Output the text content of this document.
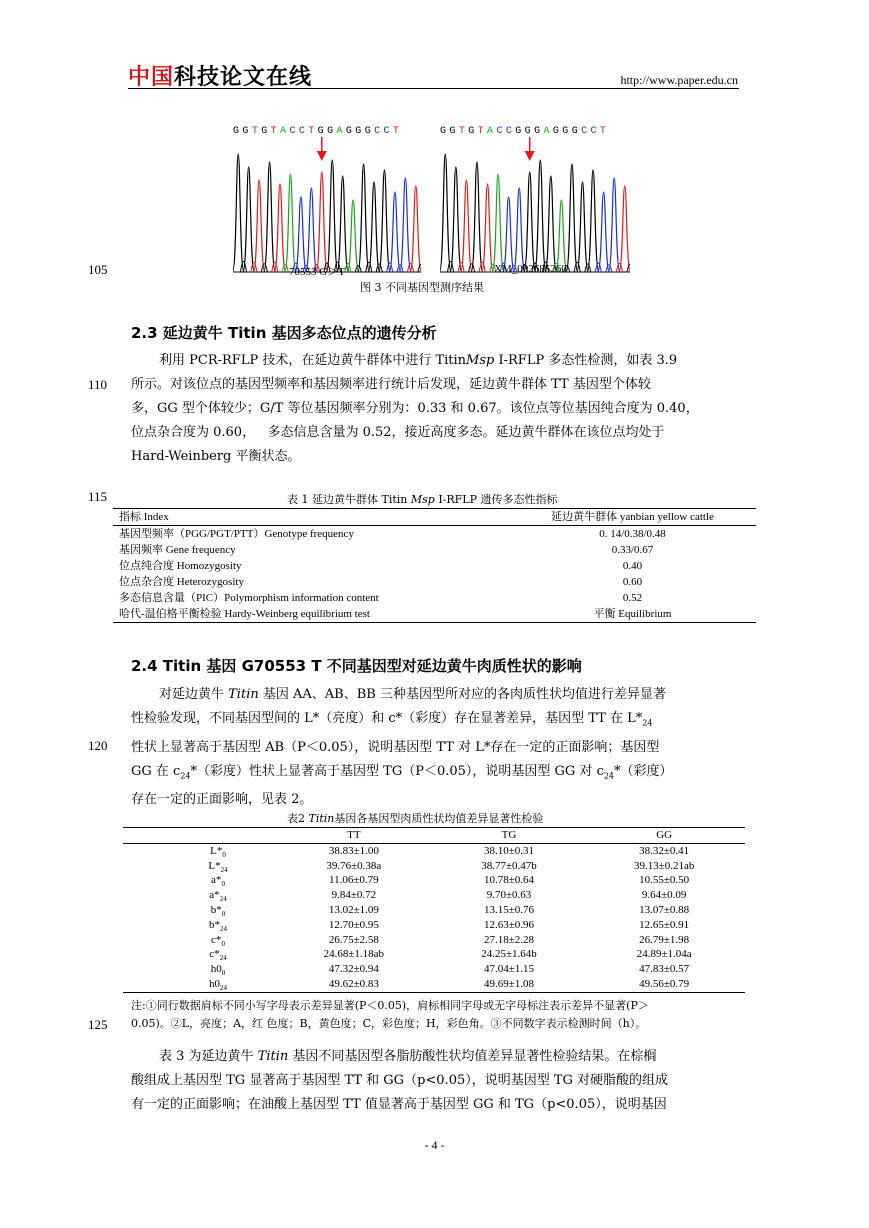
中国科技论文在线	http://www.paper.edu.cn
GGTGTACCTGGAGGGCCT	GGTGTACCGGGAGGGCCT
70553 G＞T	XM_002685260
图 3 不同基因型测序结果
105
110
115
120
125
2.3 延边黄牛 Titin 基因多态位点的遗传分析

利用 PCR-RFLP 技术，在延边黄牛群体中进行 TitinMsp I-RFLP 多态性检测，如表 3.9

所示。对该位点的基因型频率和基因频率进行统计后发现，延边黄牛群体 TT 基因型个体较

多，GG 型个体较少；G/T 等位基因频率分别为：0.33 和 0.67。该位点等位基因纯合度为 0.40，

位点杂合度为 0.60，   多态信息含量为 0.52，接近高度多态。延边黄牛群体在该位点均处于

Hard-Weinberg 平衡状态。

表 1 延边黄牛群体 Titin Msp I-RFLP 遗传多态性指标
指标 Index	延边黄牛群体 yanbian yellow cattle
基因型频率（PGG/PGT/PTT）Genotype frequency	0. 14/0.38/0.48
基因频率 Gene frequency	0.33/0.67
位点纯合度 Homozygosity	0.40
位点杂合度 Heterozygosity	0.60
多态信息含量（PIC）Polymorphism information content	0.52
哈代-温伯格平衡检验 Hardy-Weinberg equilibrium test	平衡 Equilibrium
2.4 Titin 基因 G70553 T 不同基因型对延边黄牛肉质性状的影响

对延边黄牛 Titin 基因 AA、AB、BB 三种基因型所对应的各肉质性状均值进行差异显著

性检验发现，不同基因型间的 L*（亮度）和 c*（彩度）存在显著差异，基因型 TT 在 $L*_{24}$

性状上显著高于基因型 AB（P＜0.05），说明基因型 TT 对 L*存在一定的正面影响；基因型

GG 在 $c_{24}*$（彩度）性状上显著高于基因型 TG（P＜0.05），说明基因型 GG 对 $c_{24}*$（彩度）

存在一定的正面影响，见表 2。

表2 Titin基因各基因型肉质性状均值差异显著性检验
	TT	TG	GG
$L*_0$	38.83±1.00	38.10±0.31	38.32±0.41
$L*_{24}$	39.76±0.38a	38.77±0.47b	39.13±0.21ab
$a*_0$	11.06±0.79	10.78±0.64	10.55±0.50
$a*_{24}$	9.84±0.72	9.70±0.63	9.64±0.09
$b*_0$	13.02±1.09	13.15±0.76	13.07±0.88
$b*_{24}$	12.70±0.95	12.63±0.96	12.65±0.91
$c*_0$	26.75±2.58	27.18±2.28	26.79±1.98
$c*_{24}$	24.68±1.18ab	24.25±1.64b	24.89±1.04a
$h0_0$	47.32±0.94	47.04±1.15	47.83±0.57
$h0_{24}$	49.62±0.83	49.69±1.08	49.56±0.79
注:①同行数据肩标不同小写字母表示差异显著(P＜0.05)，肩标相同字母或无字母标注表示差异不显著(P＞
0.05)。②L，亮度；A，红 色度；B，黄色度；C，彩色度；H，彩色角。③不同数字表示检测时间（h）。

表 3 为延边黄牛 Titin 基因不同基因型各脂肪酸性状均值差异显著性检验结果。在棕榈

酸组成上基因型 TG 显著高于基因型 TT 和 GG（p<0.05），说明基因型 TG 对硬脂酸的组成

有一定的正面影响；在油酸上基因型 TT 值显著高于基因型 GG 和 TG（p<0.05），说明基因

- 4 -
